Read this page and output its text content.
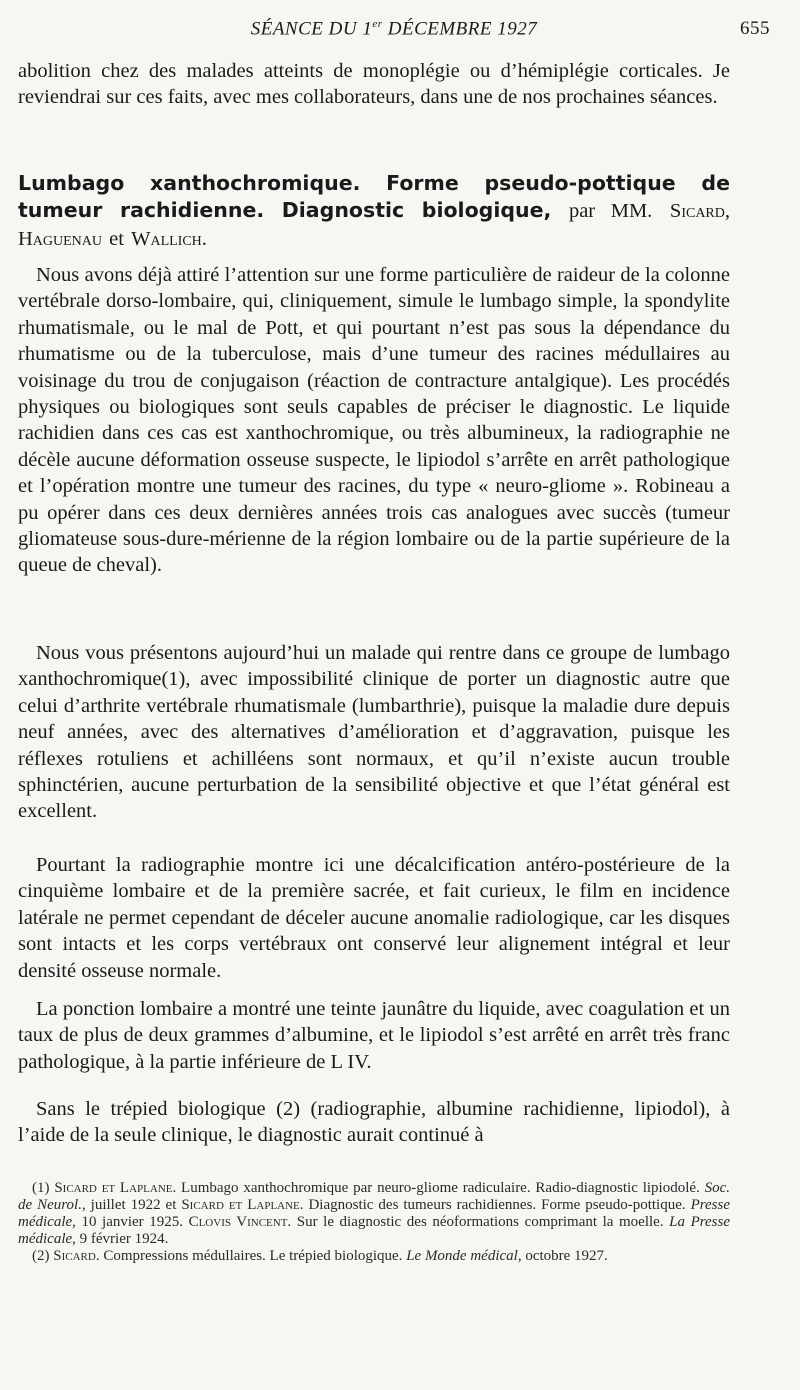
SÉANCE DU 1er DÉCEMBRE 1927	655

abolition chez des malades atteints de monoplégie ou d’hémiplégie corticales. Je reviendrai sur ces faits, avec mes collaborateurs, dans une de nos prochaines séances.

Lumbago xanthochromique. Forme pseudo-pottique de tumeur rachidienne. Diagnostic biologique, par MM. Sicard, Haguenau et Wallich.

Nous avons déjà attiré l’attention sur une forme particulière de raideur de la colonne vertébrale dorso-lombaire, qui, cliniquement, simule le lumbago simple, la spondylite rhumatismale, ou le mal de Pott, et qui pourtant n’est pas sous la dépendance du rhumatisme ou de la tuberculose, mais d’une tumeur des racines médullaires au voisinage du trou de conjugaison (réaction de contracture antalgique). Les procédés physiques ou biologiques sont seuls capables de préciser le diagnostic. Le liquide rachidien dans ces cas est xanthochromique, ou très albumineux, la radiographie ne décèle aucune déformation osseuse suspecte, le lipiodol s’arrête en arrêt pathologique et l’opération montre une tumeur des racines, du type « neuro-gliome ». Robineau a pu opérer dans ces deux dernières années trois cas analogues avec succès (tumeur gliomateuse sous-dure-mérienne de la région lombaire ou de la partie supérieure de la queue de cheval).

Nous vous présentons aujourd’hui un malade qui rentre dans ce groupe de lumbago xanthochromique(1), avec impossibilité clinique de porter un diagnostic autre que celui d’arthrite vertébrale rhumatismale (lumbarthrie), puisque la maladie dure depuis neuf années, avec des alternatives d’amélioration et d’aggravation, puisque les réflexes rotuliens et achilléens sont normaux, et qu’il n’existe aucun trouble sphinctérien, aucune perturbation de la sensibilité objective et que l’état général est excellent.

Pourtant la radiographie montre ici une décalcification antéro-postérieure de la cinquième lombaire et de la première sacrée, et fait curieux, le film en incidence latérale ne permet cependant de déceler aucune anomalie radiologique, car les disques sont intacts et les corps vertébraux ont conservé leur alignement intégral et leur densité osseuse normale.

La ponction lombaire a montré une teinte jaunâtre du liquide, avec coagulation et un taux de plus de deux grammes d’albumine, et le lipiodol s’est arrêté en arrêt très franc pathologique, à la partie inférieure de L IV.

Sans le trépied biologique (2) (radiographie, albumine rachidienne, lipiodol), à l’aide de la seule clinique, le diagnostic aurait continué à

(1) Sicard et Laplane. Lumbago xanthochromique par neuro-gliome radiculaire. Radio-diagnostic lipiodolé. Soc. de Neurol., juillet 1922 et Sicard et Laplane. Diagnostic des tumeurs rachidiennes. Forme pseudo-pottique. Presse médicale, 10 janvier 1925. Clovis Vincent. Sur le diagnostic des néoformations comprimant la moelle. La Presse médicale, 9 février 1924.

(2) Sicard. Compressions médullaires. Le trépied biologique. Le Monde médical, octobre 1927.
